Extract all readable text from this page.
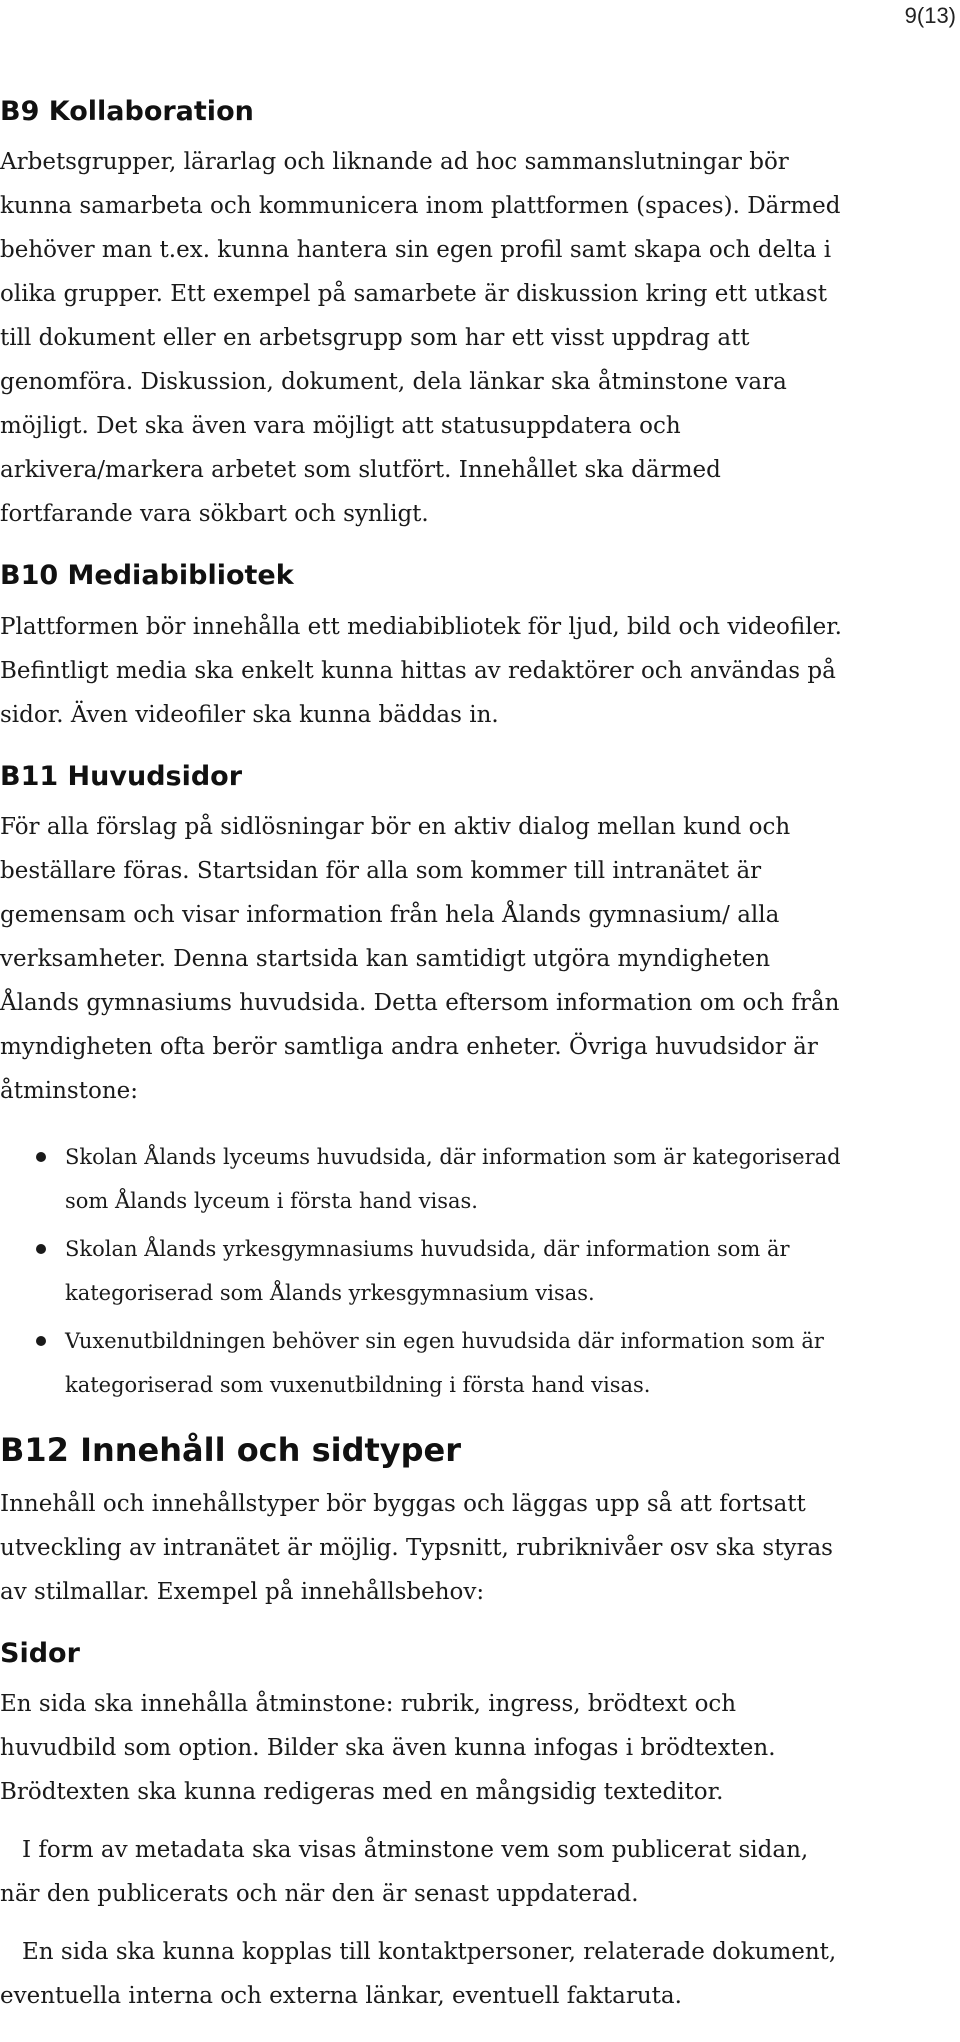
9(13)
B9 Kollaboration

Arbetsgrupper, lärarlag och liknande ad hoc sammanslutningar bör
kunna samarbeta och kommunicera inom plattformen (spaces). Därmed
behöver man t.ex. kunna hantera sin egen profil samt skapa och delta i
olika grupper. Ett exempel på samarbete är diskussion kring ett utkast
till dokument eller en arbetsgrupp som har ett visst uppdrag att
genomföra. Diskussion, dokument, dela länkar ska åtminstone vara
möjligt. Det ska även vara möjligt att statusuppdatera och
arkivera/markera arbetet som slutfört. Innehållet ska därmed
fortfarande vara sökbart och synligt.

B10 Mediabibliotek

Plattformen bör innehålla ett mediabibliotek för ljud, bild och videofiler.
Befintligt media ska enkelt kunna hittas av redaktörer och användas på
sidor. Även videofiler ska kunna bäddas in.

B11 Huvudsidor

För alla förslag på sidlösningar bör en aktiv dialog mellan kund och
beställare föras. Startsidan för alla som kommer till intranätet är
gemensam och visar information från hela Ålands gymnasium/ alla
verksamheter. Denna startsida kan samtidigt utgöra myndigheten
Ålands gymnasiums huvudsida. Detta eftersom information om och från
myndigheten ofta berör samtliga andra enheter. Övriga huvudsidor är
åtminstone:

Skolan Ålands lyceums huvudsida, där information som är kategoriserad
som Ålands lyceum i första hand visas.
Skolan Ålands yrkesgymnasiums huvudsida, där information som är
kategoriserad som Ålands yrkesgymnasium visas.
Vuxenutbildningen behöver sin egen huvudsida där information som är
kategoriserad som vuxenutbildning i första hand visas.
B12 Innehåll och sidtyper

Innehåll och innehållstyper bör byggas och läggas upp så att fortsatt
utveckling av intranätet är möjlig. Typsnitt, rubriknivåer osv ska styras
av stilmallar. Exempel på innehållsbehov:

Sidor

En sida ska innehålla åtminstone: rubrik, ingress, brödtext och
huvudbild som option. Bilder ska även kunna infogas i brödtexten.
Brödtexten ska kunna redigeras med en mångsidig texteditor.

I form av metadata ska visas åtminstone vem som publicerat sidan,
när den publicerats och när den är senast uppdaterad.

En sida ska kunna kopplas till kontaktpersoner, relaterade dokument,
eventuella interna och externa länkar, eventuell faktaruta.
